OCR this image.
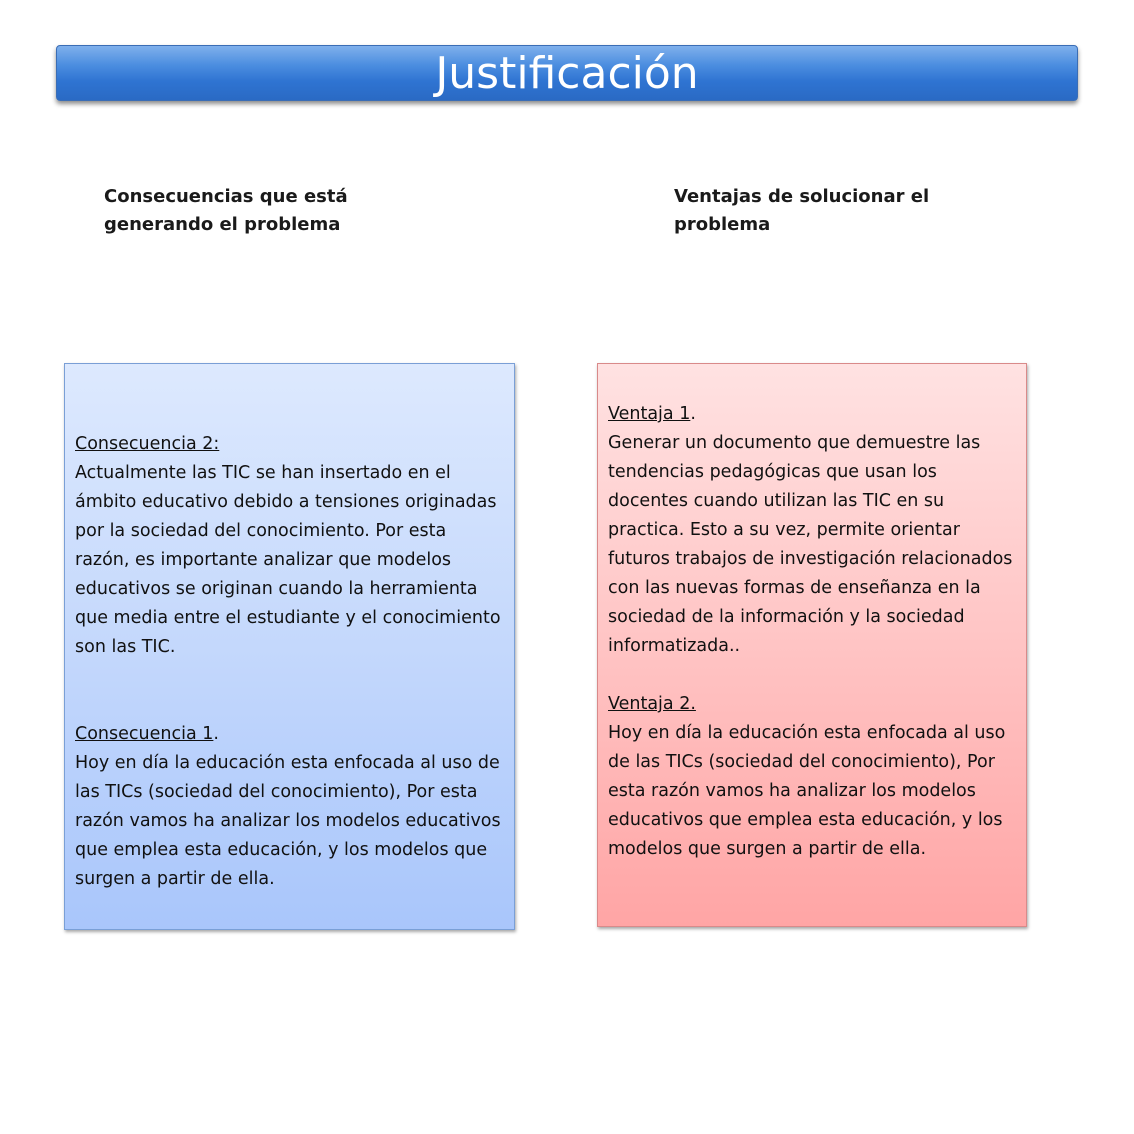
Justificación
Consecuencias que está generando el problema
Ventajas de solucionar el problema
Consecuencia 2:
Actualmente las TIC se han insertado en el ámbito educativo debido a tensiones originadas por la sociedad del conocimiento. Por esta razón, es importante analizar que modelos educativos se originan cuando la herramienta que media entre el estudiante y el conocimiento son las TIC.
Consecuencia 1.
Hoy en día la educación esta enfocada al uso de las TICs (sociedad del conocimiento), Por esta razón vamos ha analizar los modelos educativos que emplea esta educación, y los modelos que surgen a partir de ella.
Ventaja 1.
Generar un documento que demuestre las tendencias pedagógicas que usan los docentes cuando utilizan las TIC en su practica. Esto a su vez, permite orientar futuros trabajos de investigación relacionados con las nuevas formas de enseñanza en la sociedad de la información y la sociedad informatizada..
Ventaja 2.
Hoy en día la educación esta enfocada al uso de las TICs (sociedad del conocimiento), Por esta razón vamos ha analizar los modelos educativos que emplea esta educación, y los modelos que surgen a partir de ella.
